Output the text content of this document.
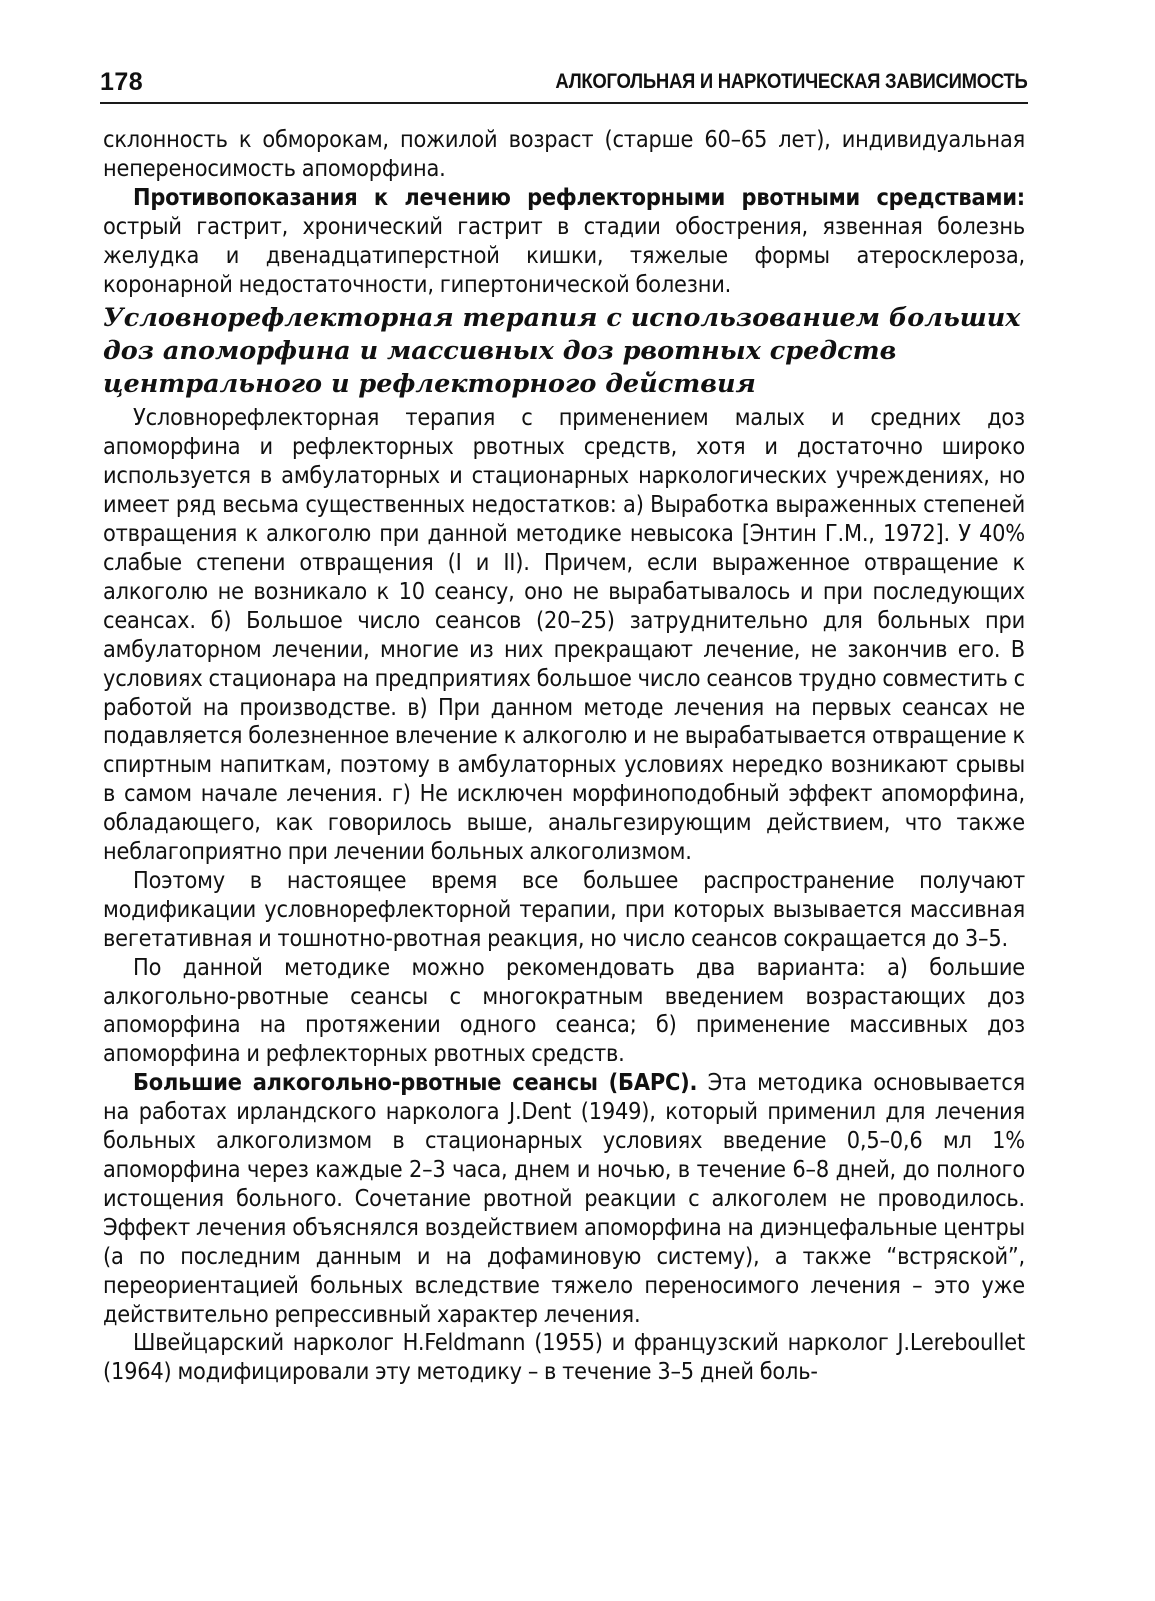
178	АЛКОГОЛЬНАЯ И НАРКОТИЧЕСКАЯ ЗАВИСИМОСТЬ

склонность к обморокам, пожилой возраст (старше 60–65 лет), индивидуальная непереносимость апоморфина.

Противопоказания к лечению рефлекторными рвотными средствами: острый гастрит, хронический гастрит в стадии обострения, язвенная болезнь желудка и двенадцатиперстной кишки, тяжелые формы атеросклероза, коронарной недостаточности, гипертонической болезни.

Условнорефлекторная терапия с использованием больших доз апоморфина и массивных доз рвотных средств центрального и рефлекторного действия

Условнорефлекторная терапия с применением малых и средних доз апоморфина и рефлекторных рвотных средств, хотя и достаточно широко используется в амбулаторных и стационарных наркологических учреждениях, но имеет ряд весьма существенных недостатков: а) Выработка выраженных степеней отвращения к алкоголю при данной методике невысока [Энтин Г.М., 1972]. У 40% слабые степени отвращения (I и II). Причем, если выраженное отвращение к алкоголю не возникало к 10 сеансу, оно не вырабатывалось и при последующих сеансах. б) Большое число сеансов (20–25) затруднительно для больных при амбулаторном лечении, многие из них прекращают лечение, не закончив его. В условиях стационара на предприятиях большое число сеансов трудно совместить с работой на производстве. в) При данном методе лечения на первых сеансах не подавляется болезненное влечение к алкоголю и не вырабатывается отвращение к спиртным напиткам, поэтому в амбулаторных условиях нередко возникают срывы в самом начале лечения. г) Не исключен морфиноподобный эффект апоморфина, обладающего, как говорилось выше, анальгезирующим действием, что также неблагоприятно при лечении больных алкоголизмом.

Поэтому в настоящее время все большее распространение получают модификации условнорефлекторной терапии, при которых вызывается массивная вегетативная и тошнотно-рвотная реакция, но число сеансов сокращается до 3–5.

По данной методике можно рекомендовать два варианта: а) большие алкогольно-рвотные сеансы с многократным введением возрастающих доз апоморфина на протяжении одного сеанса; б) применение массивных доз апоморфина и рефлекторных рвотных средств.

Большие алкогольно-рвотные сеансы (БАРС). Эта методика основывается на работах ирландского нарколога J.Dent (1949), который применил для лечения больных алкоголизмом в стационарных условиях введение 0,5–0,6 мл 1% апоморфина через каждые 2–3 часа, днем и ночью, в течение 6–8 дней, до полного истощения больного. Сочетание рвотной реакции с алкоголем не проводилось. Эффект лечения объяснялся воздействием апоморфина на диэнцефальные центры (а по последним данным и на дофаминовую систему), а также “встряской”, переориентацией больных вследствие тяжело переносимого лечения – это уже действительно репрессивный характер лечения.

Швейцарский нарколог H.Feldmann (1955) и французский нарколог J.Lereboullet (1964) модифицировали эту методику – в течение 3–5 дней боль-
